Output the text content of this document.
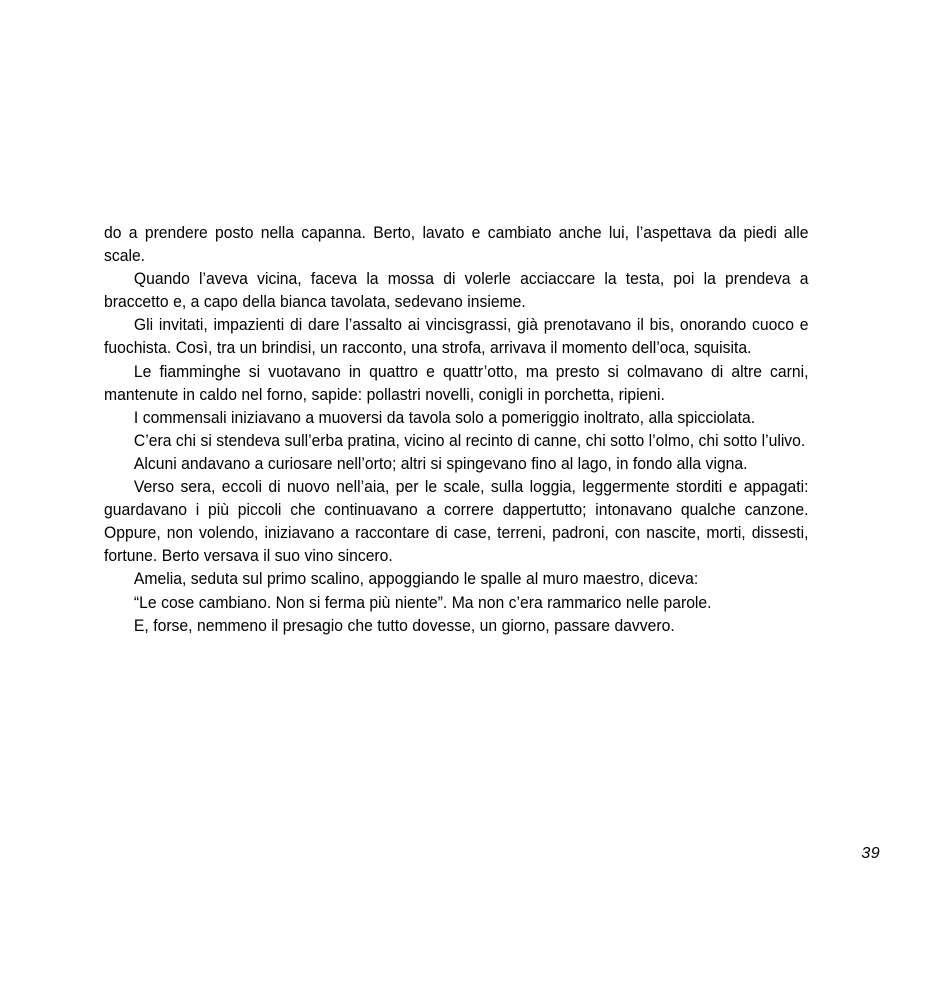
do a prendere posto nella capanna. Berto, lavato e cambiato anche lui, l’aspettava da piedi alle scale.

Quando l’aveva vicina, faceva la mossa di volerle acciaccare la testa, poi la prendeva a braccetto e, a capo della bianca tavolata, sedevano insieme.

Gli invitati, impazienti di dare l’assalto ai vincisgrassi, già prenotavano il bis, onorando cuoco e fuochista. Così, tra un brindisi, un racconto, una strofa, arrivava il momento dell’oca, squisita.

Le fiamminghe si vuotavano in quattro e quattr’otto, ma presto si colmavano di altre carni, mantenute in caldo nel forno, sapide: pollastri novelli, conigli in porchetta, ripieni.

I commensali iniziavano a muoversi da tavola solo a pomeriggio inoltrato, alla spicciolata.

C’era chi si stendeva sull’erba pratina, vicino al recinto di canne, chi sotto l’olmo, chi sotto l’ulivo.

Alcuni andavano a curiosare nell’orto; altri si spingevano fino al lago, in fondo alla vigna.

Verso sera, eccoli di nuovo nell’aia, per le scale, sulla loggia, leggermente storditi e appagati: guardavano i più piccoli che continuavano a correre dappertutto; intonavano qualche canzone. Oppure, non volendo, iniziavano a raccontare di case, terreni, padroni, con nascite, morti, dissesti, fortune. Berto versava il suo vino sincero.

Amelia, seduta sul primo scalino, appoggiando le spalle al muro maestro, diceva:

“Le cose cambiano. Non si ferma più niente”. Ma non c’era rammarico nelle parole.

E, forse, nemmeno il presagio che tutto dovesse, un giorno, passare davvero.

39
